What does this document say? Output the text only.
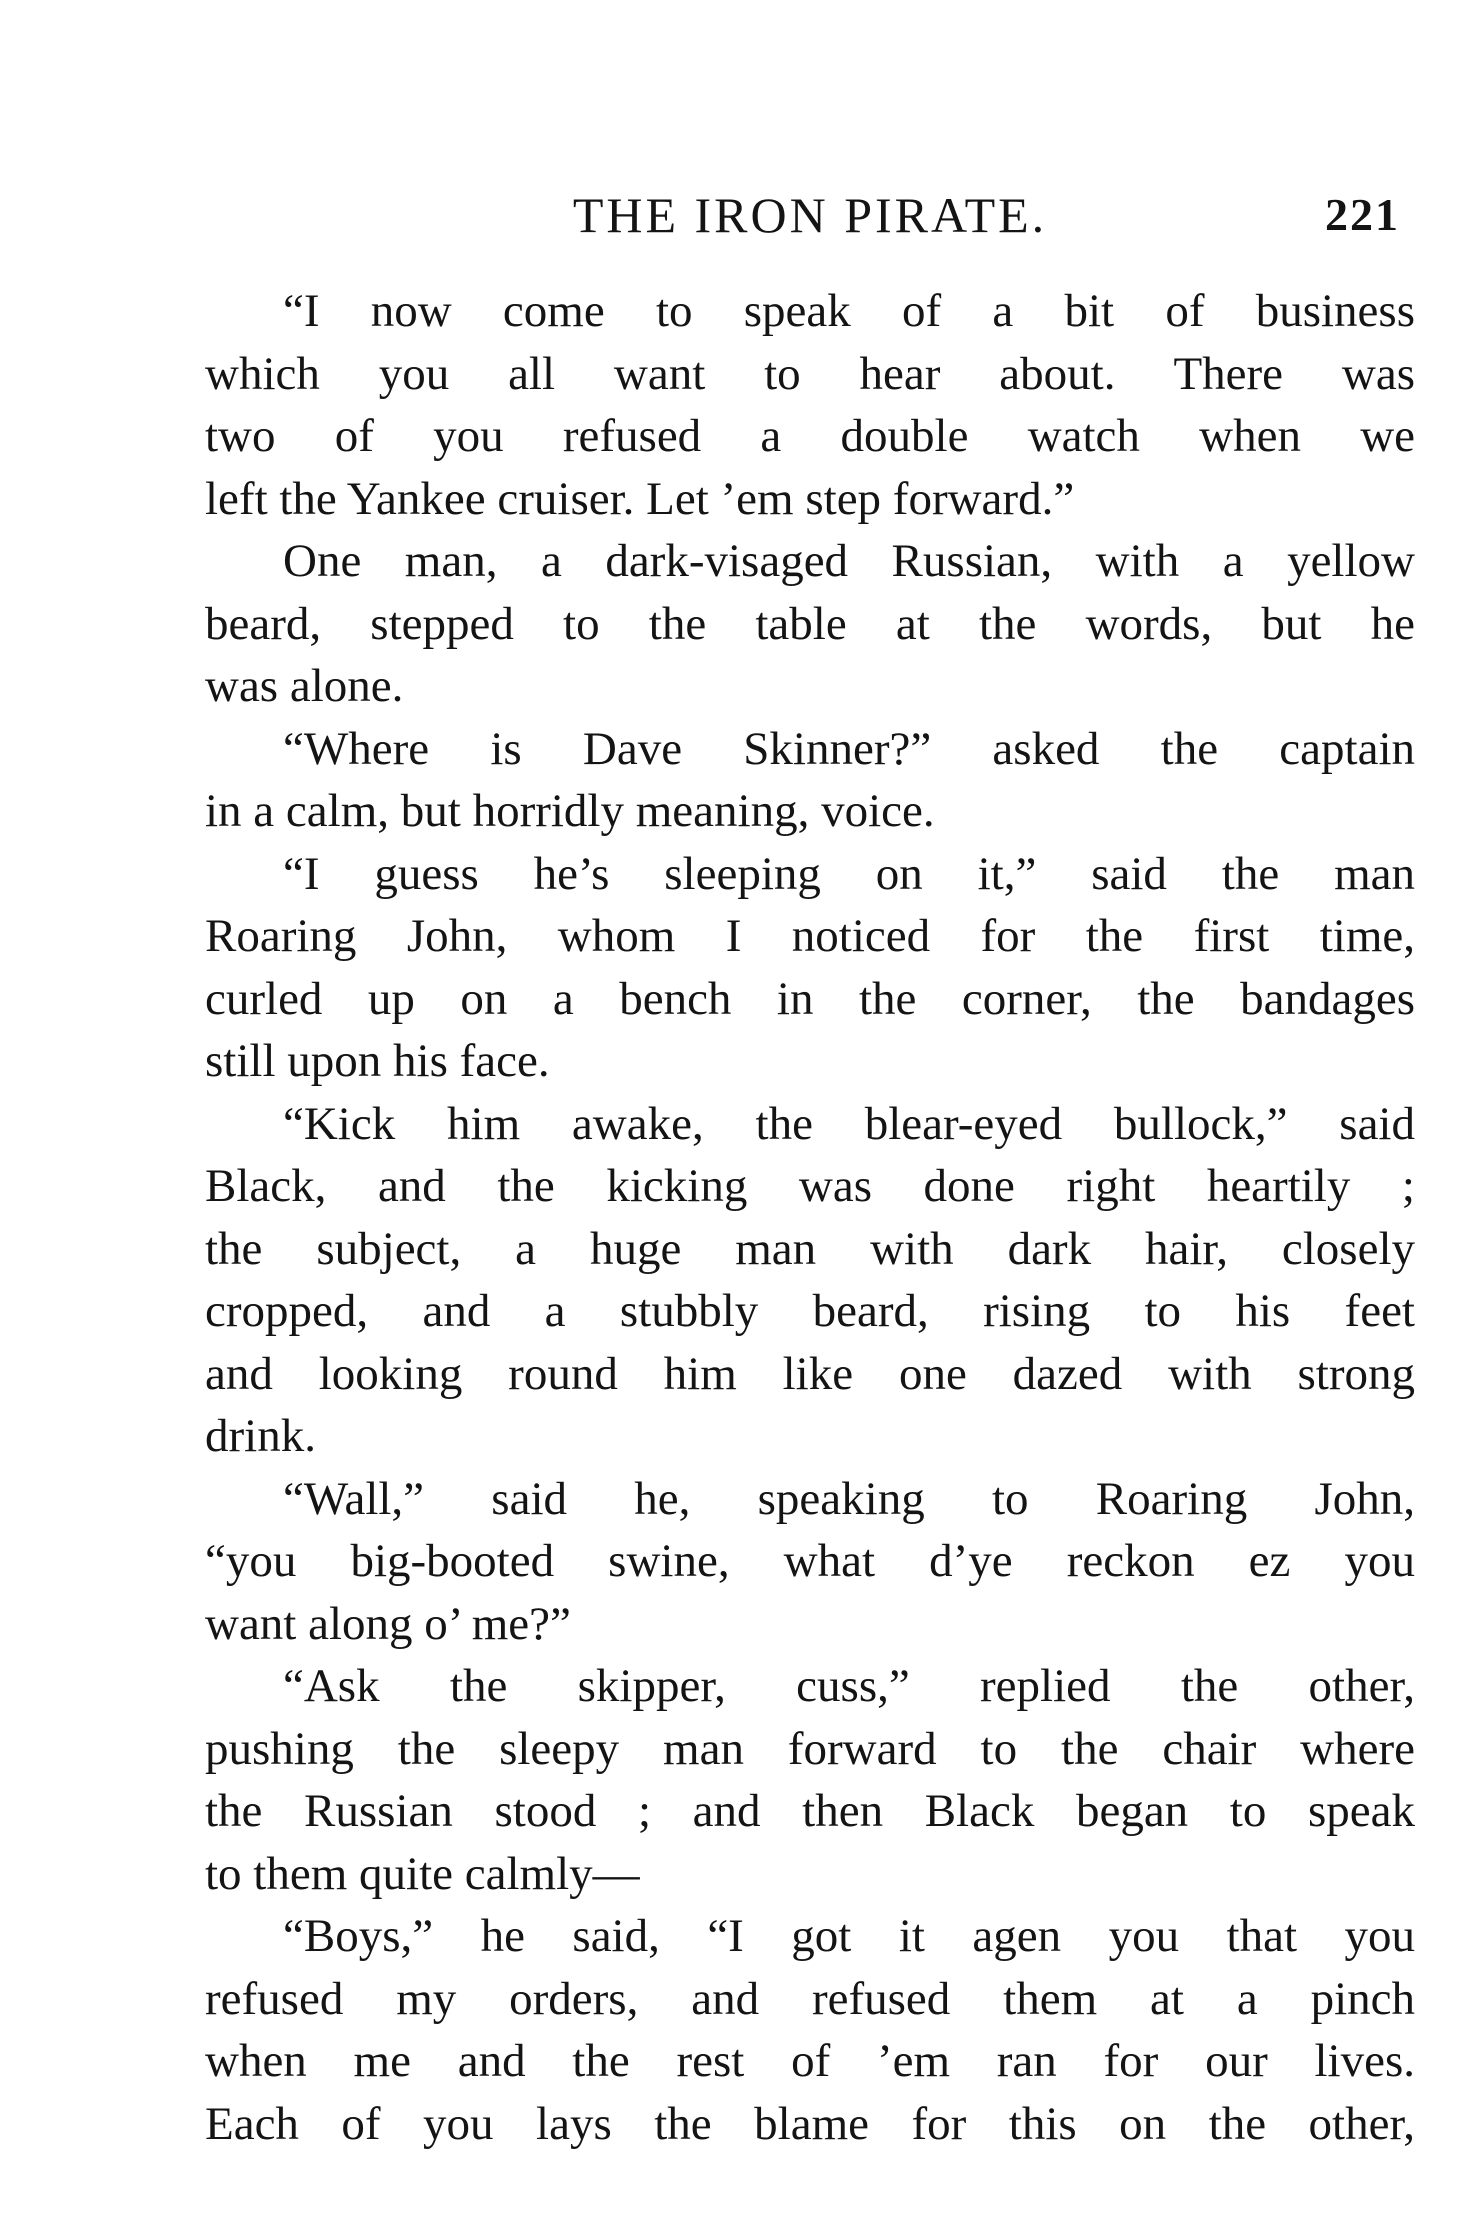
THE IRON PIRATE.	221
“I now come to speak of a bit of business
which you all want to hear about. There was
two of you refused a double watch when we
left the Yankee cruiser. Let ’em step forward.”
One man, a dark-visaged Russian, with a yellow
beard, stepped to the table at the words, but he
was alone.
“Where is Dave Skinner?” asked the captain
in a calm, but horridly meaning, voice.
“I guess he’s sleeping on it,” said the man
Roaring John, whom I noticed for the first time,
curled up on a bench in the corner, the bandages
still upon his face.
“Kick him awake, the blear-eyed bullock,” said
Black, and the kicking was done right heartily ;
the subject, a huge man with dark hair, closely
cropped, and a stubbly beard, rising to his feet
and looking round him like one dazed with strong
drink.
“Wall,” said he, speaking to Roaring John,
“you big-booted swine, what d’ye reckon ez you
want along o’ me?”
“Ask the skipper, cuss,” replied the other,
pushing the sleepy man forward to the chair where
the Russian stood ; and then Black began to speak
to them quite calmly—
“Boys,” he said, “I got it agen you that you
refused my orders, and refused them at a pinch
when me and the rest of ’em ran for our lives.
Each of you lays the blame for this on the other,
